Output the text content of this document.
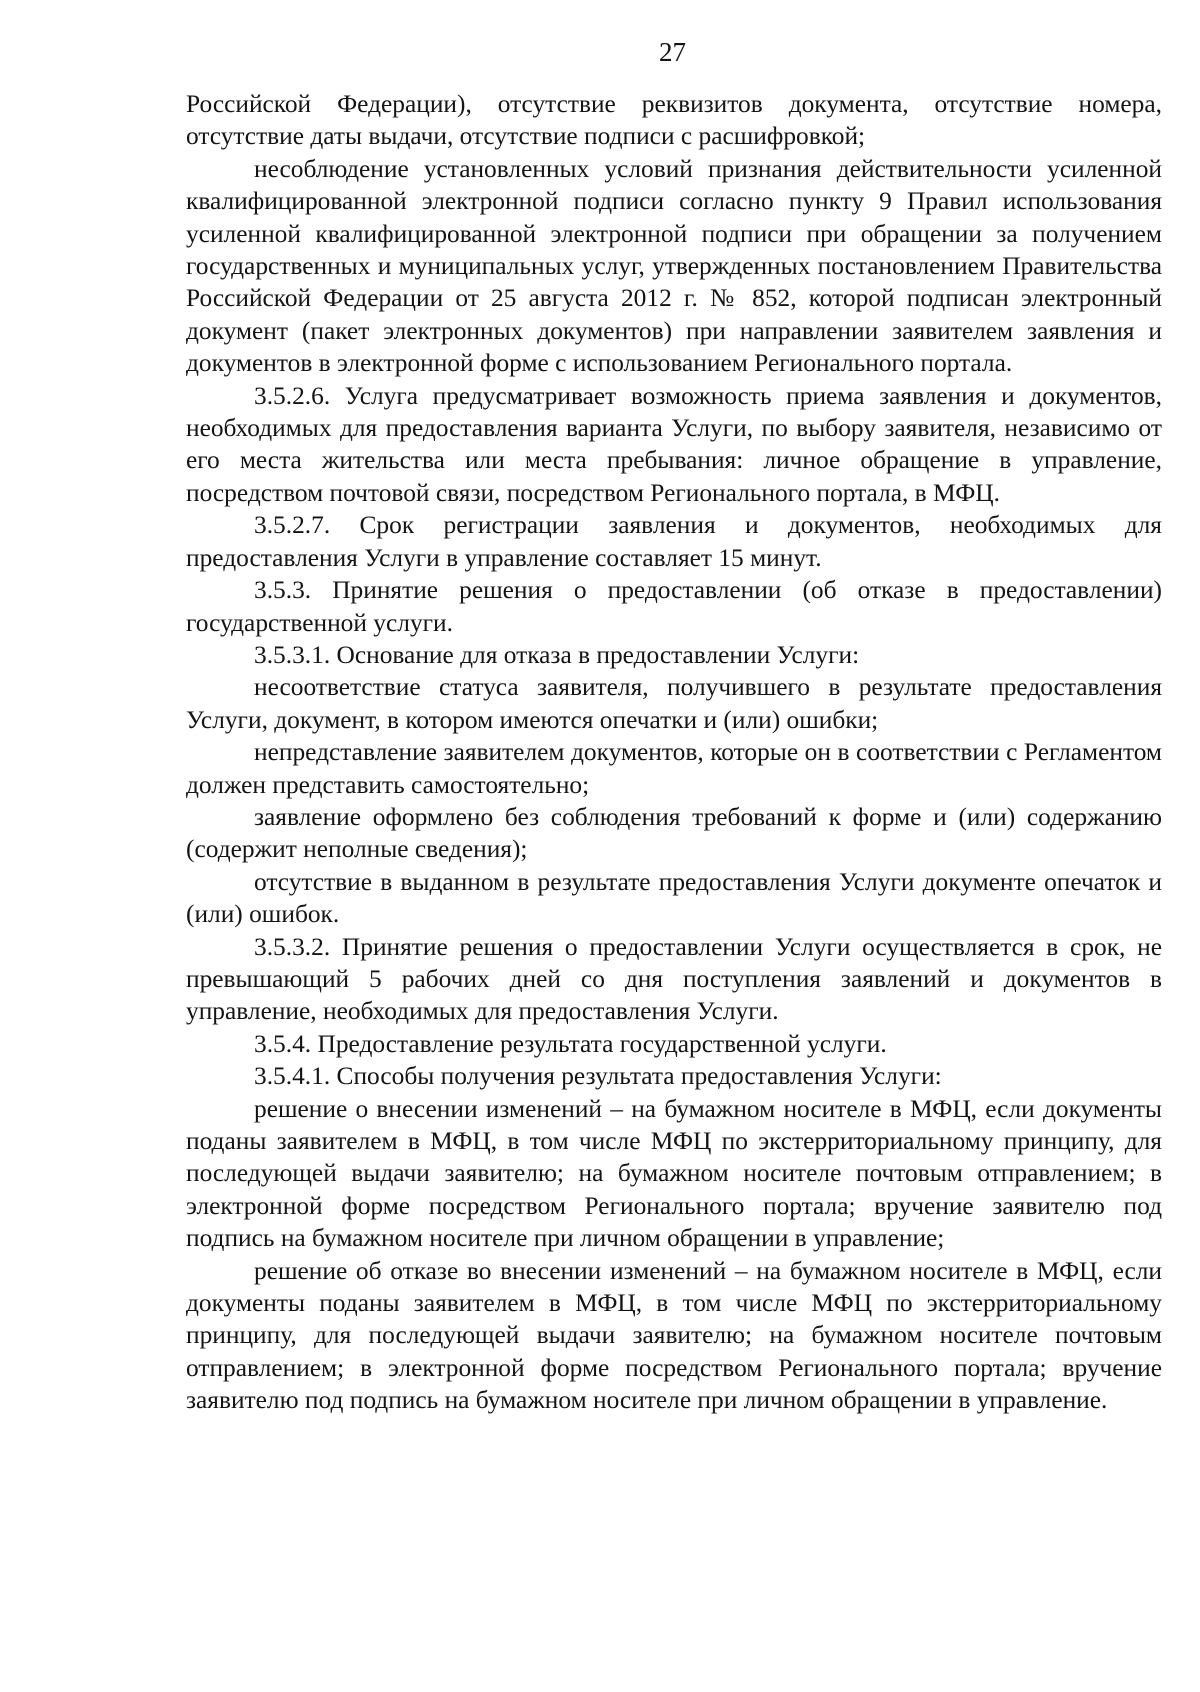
27

Российской Федерации), отсутствие реквизитов документа, отсутствие номера, отсутствие даты выдачи, отсутствие подписи с расшифровкой;

несоблюдение установленных условий признания действительности усиленной квалифицированной электронной подписи согласно пункту 9 Правил использования усиленной квалифицированной электронной подписи при обращении за получением государственных и муниципальных услуг, утвержденных постановлением Правительства Российской Федерации от 25 августа 2012 г. № 852, которой подписан электронный документ (пакет электронных документов) при направлении заявителем заявления и документов в электронной форме с использованием Регионального портала.

3.5.2.6. Услуга предусматривает возможность приема заявления и документов, необходимых для предоставления варианта Услуги, по выбору заявителя, независимо от его места жительства или места пребывания: личное обращение в управление, посредством почтовой связи, посредством Регионального портала, в МФЦ.

3.5.2.7. Срок регистрации заявления и документов, необходимых для предоставления Услуги в управление составляет 15 минут.

3.5.3. Принятие решения о предоставлении (об отказе в предоставлении) государственной услуги.

3.5.3.1. Основание для отказа в предоставлении Услуги:

несоответствие статуса заявителя, получившего в результате предоставления Услуги, документ, в котором имеются опечатки и (или) ошибки;

непредставление заявителем документов, которые он в соответствии с Регламентом должен представить самостоятельно;

заявление оформлено без соблюдения требований к форме и (или) содержанию (содержит неполные сведения);

отсутствие в выданном в результате предоставления Услуги документе опечаток и (или) ошибок.

3.5.3.2. Принятие решения о предоставлении Услуги осуществляется в срок, не превышающий 5 рабочих дней со дня поступления заявлений и документов в управление, необходимых для предоставления Услуги.

3.5.4. Предоставление результата государственной услуги.

3.5.4.1. Способы получения результата предоставления Услуги:

решение о внесении изменений – на бумажном носителе в МФЦ, если документы поданы заявителем в МФЦ, в том числе МФЦ по экстерриториальному принципу, для последующей выдачи заявителю; на бумажном носителе почтовым отправлением; в электронной форме посредством Регионального портала; вручение заявителю под подпись на бумажном носителе при личном обращении в управление;

решение об отказе во внесении изменений – на бумажном носителе в МФЦ, если документы поданы заявителем в МФЦ, в том числе МФЦ по экстерриториальному принципу, для последующей выдачи заявителю; на бумажном носителе почтовым отправлением; в электронной форме посредством Регионального портала; вручение заявителю под подпись на бумажном носителе при личном обращении в управление.
